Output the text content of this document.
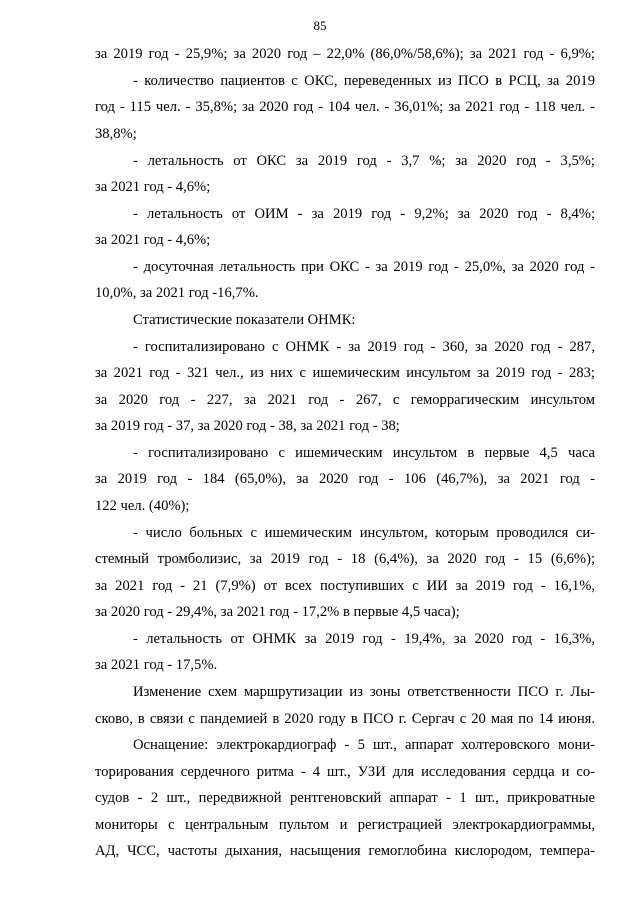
85
за 2019 год - 25,9%; за 2020 год – 22,0% (86,0%/58,6%); за 2021 год - 6,9%;
- количество пациентов с ОКС, переведенных из ПСО в РСЦ, за 2019
год - 115 чел. - 35,8%; за 2020 год - 104 чел. - 36,01%; за 2021 год - 118 чел. -
38,8%;
- летальность от ОКС за 2019 год - 3,7 %; за 2020 год - 3,5%;
за 2021 год - 4,6%;
- летальность от ОИМ - за 2019 год - 9,2%; за 2020 год - 8,4%;
за 2021 год - 4,6%;
- досуточная летальность при ОКС - за 2019 год - 25,0%, за 2020 год -
10,0%, за 2021 год -16,7%.
Статистические показатели ОНМК:
- госпитализировано с ОНМК - за 2019 год - 360, за 2020 год - 287,
за 2021 год - 321 чел., из них с ишемическим инсультом за 2019 год - 283;
за 2020 год - 227, за 2021 год - 267, с геморрагическим инсультом
за 2019 год - 37, за 2020 год - 38, за 2021 год - 38;
- госпитализировано с ишемическим инсультом в первые 4,5 часа
за 2019 год - 184 (65,0%), за 2020 год - 106 (46,7%), за 2021 год -
122 чел. (40%);
- число больных с ишемическим инсультом, которым проводился си-
стемный тромболизис, за 2019 год - 18 (6,4%), за 2020 год - 15 (6,6%);
за 2021 год - 21 (7,9%) от всех поступивших с ИИ за 2019 год - 16,1%,
за 2020 год - 29,4%, за 2021 год - 17,2% в первые 4,5 часа);
- летальность от ОНМК за 2019 год - 19,4%, за 2020 год - 16,3%,
за 2021 год - 17,5%.
Изменение схем маршрутизации из зоны ответственности ПСО г. Лы-
сково, в связи с пандемией в 2020 году в ПСО г. Сергач с 20 мая по 14 июня.
Оснащение: электрокардиограф - 5 шт., аппарат холтеровского мони-
торирования сердечного ритма - 4 шт., УЗИ для исследования сердца и со-
судов - 2 шт., передвижной рентгеновский аппарат - 1 шт., прикроватные
мониторы с центральным пультом и регистрацией электрокардиограммы,
АД, ЧСС, частоты дыхания, насыщения гемоглобина кислородом, темпера-
